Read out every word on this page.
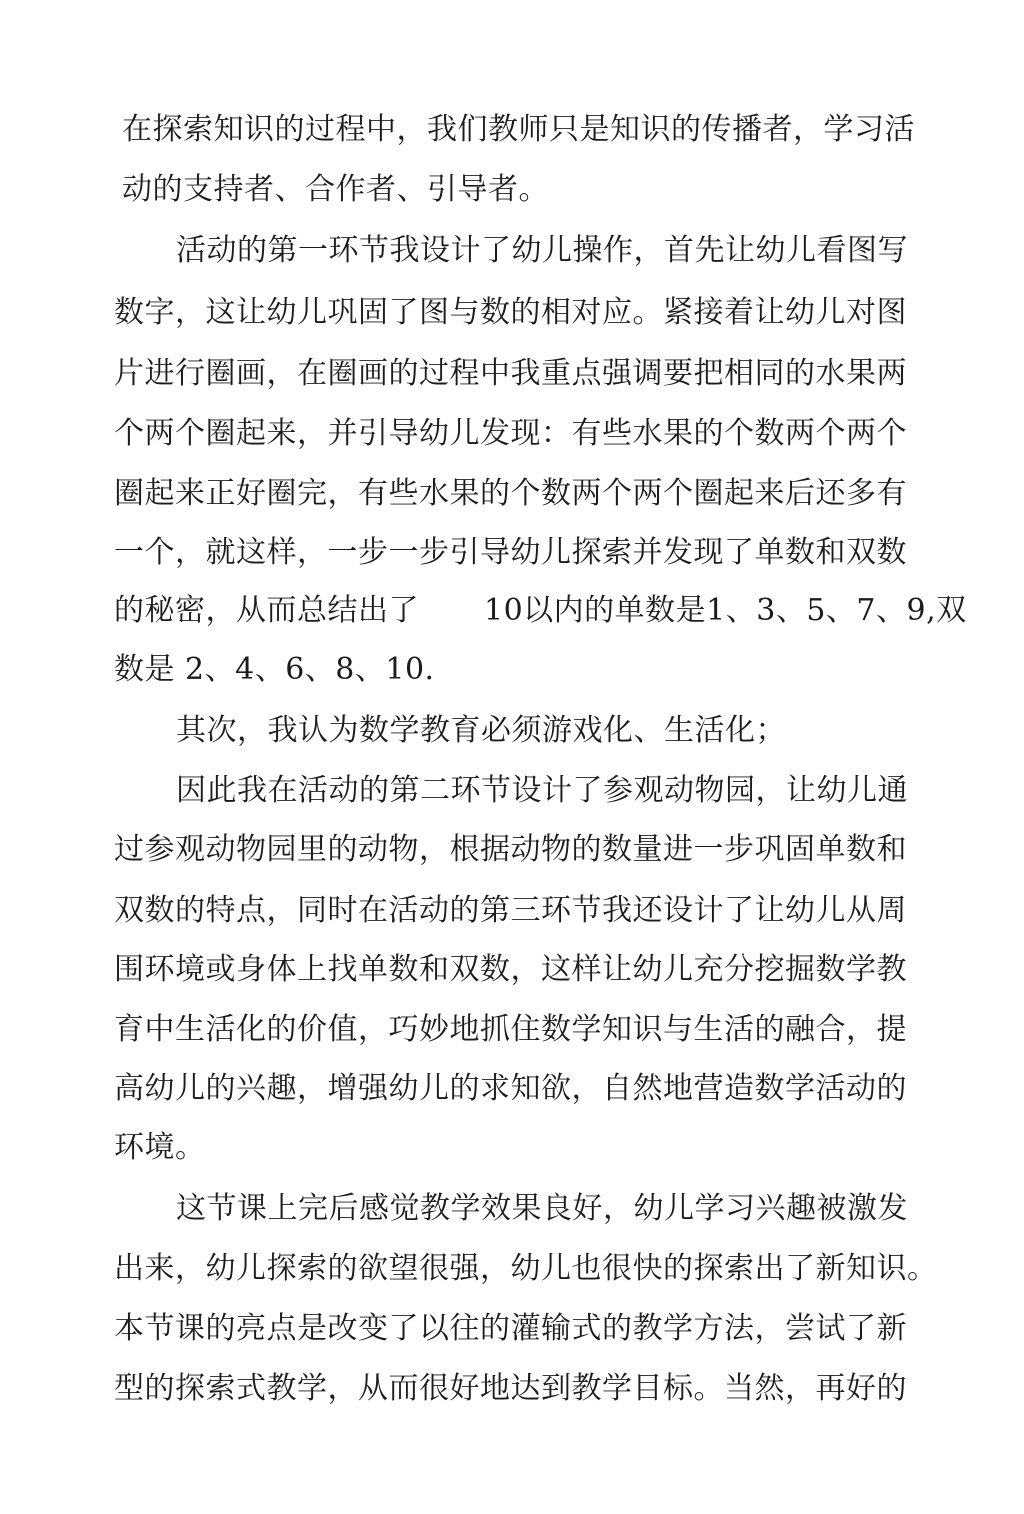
在探索知识的过程中，我们教师只是知识的传播者，学习活
动的支持者、合作者、引导者。
活动的第一环节我设计了幼儿操作，首先让幼儿看图写
数字，这让幼儿巩固了图与数的相对应。紧接着让幼儿对图
片进行圈画，在圈画的过程中我重点强调要把相同的水果两
个两个圈起来，并引导幼儿发现：有些水果的个数两个两个
圈起来正好圈完，有些水果的个数两个两个圈起来后还多有
一个，就这样，一步一步引导幼儿探索并发现了单数和双数
的秘密，从而总结出了 10以内的单数是1、3、5、7、9,双
数是 2、4、6、8、10.
其次，我认为数学教育必须游戏化、生活化；
因此我在活动的第二环节设计了参观动物园，让幼儿通
过参观动物园里的动物，根据动物的数量进一步巩固单数和
双数的特点，同时在活动的第三环节我还设计了让幼儿从周
围环境或身体上找单数和双数，这样让幼儿充分挖掘数学教
育中生活化的价值，巧妙地抓住数学知识与生活的融合，提
高幼儿的兴趣，增强幼儿的求知欲，自然地营造数学活动的
环境。
这节课上完后感觉教学效果良好，幼儿学习兴趣被激发
出来，幼儿探索的欲望很强，幼儿也很快的探索出了新知识。
本节课的亮点是改变了以往的灌输式的教学方法，尝试了新
型的探索式教学，从而很好地达到教学目标。当然，再好的
